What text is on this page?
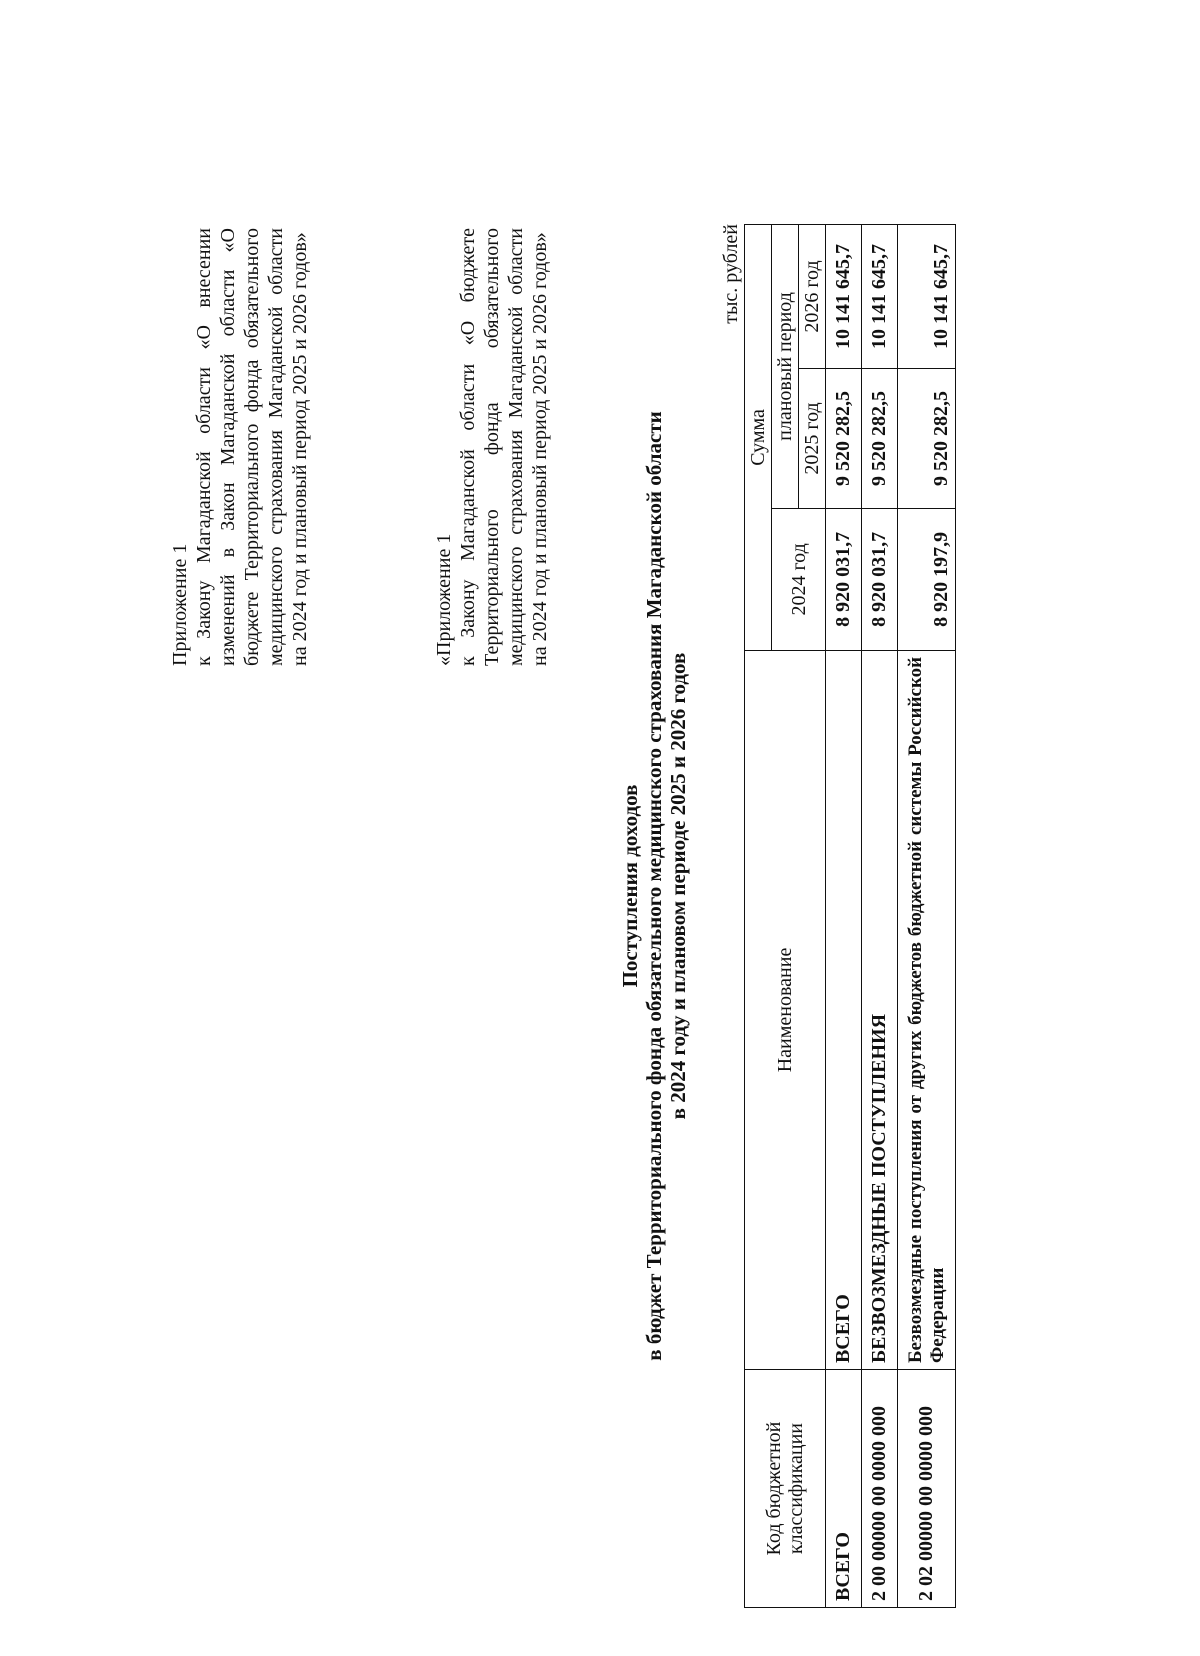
Приложение 1 к Закону Магаданской области «О внесении изменений в Закон Магаданской области «О бюджете Территориального фонда обязательного медицинского страхования Магаданской области на 2024 год и плановый период 2025 и 2026 годов»	«Приложение 1 к Закону Магаданской области «О бюджете Территориального фонда обязательного медицинского страхования Магаданской области на 2024 год и плановый период 2025 и 2026 годов»
Поступления доходов в бюджет Территориального фонда обязательного медицинского страхования Магаданской области в 2024 году и плановом периоде 2025 и 2026 годов
тыс. рублей
Код бюджетной классификации	Наименование	Сумма		
		2024 год	плановый период	
			2025 год	2026 год
ВСЕГО	ВСЕГО	8 920 031,7	9 520 282,5	10 141 645,7
2 00 00000 00 0000 000	БЕЗВОЗМЕЗДНЫЕ ПОСТУПЛЕНИЯ	8 920 031,7	9 520 282,5	10 141 645,7
2 02 00000 00 0000 000	Безвозмездные поступления от других бюджетов бюджетной системы Российской Федерации	8 920 197,9	9 520 282,5	10 141 645,7
